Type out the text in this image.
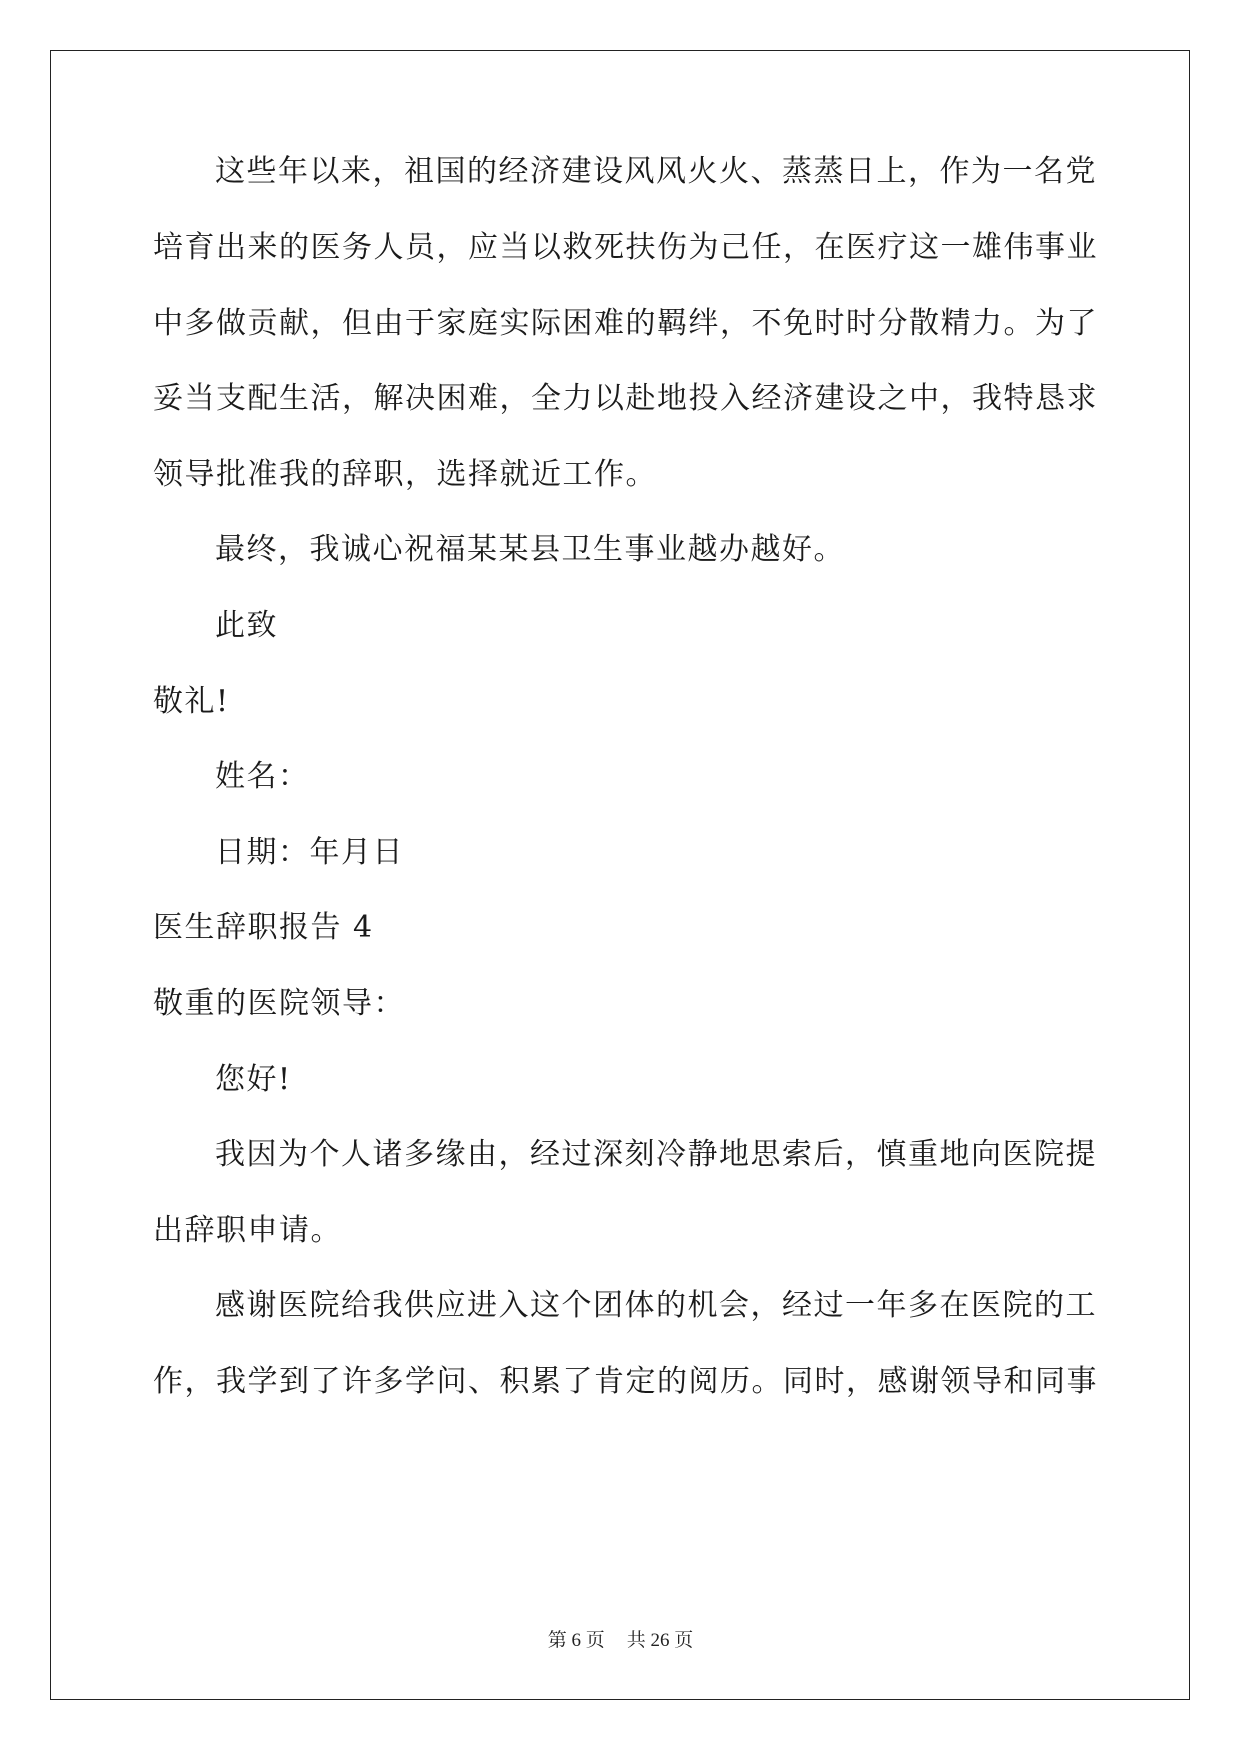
这些年以来，祖国的经济建设风风火火、蒸蒸日上，作为一名党
培育出来的医务人员，应当以救死扶伤为己任，在医疗这一雄伟事业
中多做贡献，但由于家庭实际困难的羁绊，不免时时分散精力。为了
妥当支配生活，解决困难，全力以赴地投入经济建设之中，我特恳求
领导批准我的辞职，选择就近工作。
最终，我诚心祝福某某县卫生事业越办越好。
此致
敬礼!
姓名：
日期：年月日
医生辞职报告 4
敬重的医院领导：
您好!
我因为个人诸多缘由，经过深刻冷静地思索后，慎重地向医院提
出辞职申请。
感谢医院给我供应进入这个团体的机会，经过一年多在医院的工
作，我学到了许多学问、积累了肯定的阅历。同时，感谢领导和同事
第 6 页 共 26 页
